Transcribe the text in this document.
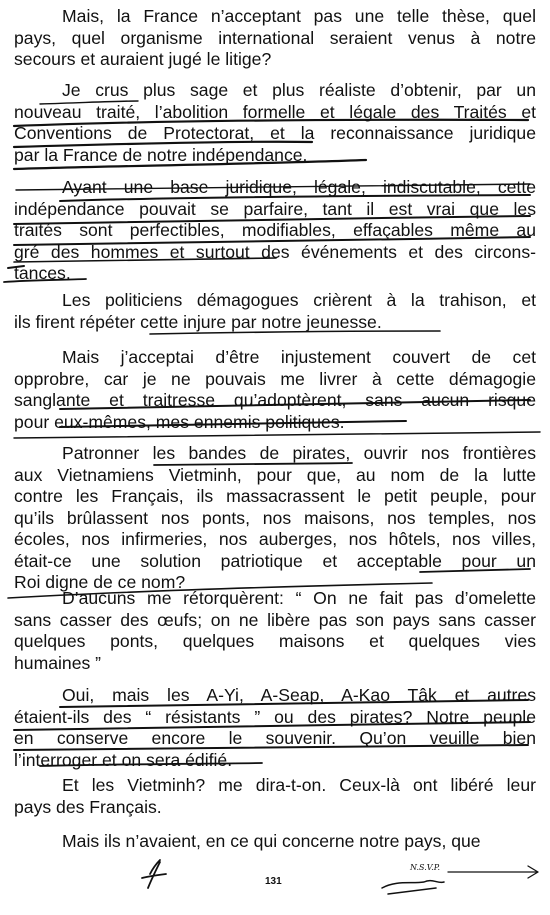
Mais, la France n’acceptant pas une telle thèse, quel
pays, quel organisme international seraient venus à notre
secours et auraient jugé le litige?
Je crus plus sage et plus réaliste d’obtenir, par un
nouveau traité, l’abolition formelle et légale des Traités et
Conventions de Protectorat, et la reconnaissance juridique
par la France de notre indépendance.
Ayant une base juridique, légale, indiscutable, cette
indépendance pouvait se parfaire, tant il est vrai que les
traités sont perfectibles, modifiables, effaçables même au
gré des hommes et surtout des événements et des circons-
tances.
Les politiciens démagogues crièrent à la trahison, et
ils firent répéter cette injure par notre jeunesse.
Mais j’acceptai d’être injustement couvert de cet
opprobre, car je ne pouvais me livrer à cette démagogie
sanglante et traitresse qu’adoptèrent, sans aucun risque
pour eux-mêmes, mes ennemis politiques.
Patronner les bandes de pirates, ouvrir nos frontières
aux Vietnamiens Vietminh, pour que, au nom de la lutte
contre les Français, ils massacrassent le petit peuple, pour
qu’ils brûlassent nos ponts, nos maisons, nos temples, nos
écoles, nos infirmeries, nos auberges, nos hôtels, nos villes,
était-ce une solution patriotique et acceptable pour un
Roi digne de ce nom?
D’aucuns me rétorquèrent: “ On ne fait pas d’omelette
sans casser des œufs; on ne libère pas son pays sans casser
quelques ponts, quelques maisons et quelques vies
humaines ”
Oui, mais les A-Yi, A-Seap, A-Kao Tâk et autres
étaient-ils des “ résistants ” ou des pirates? Notre peuple
en conserve encore le souvenir. Qu’on veuille bien
l’interroger et on sera édifié.
Et les Vietminh? me dira-t-on. Ceux-là ont libéré leur
pays des Français.
Mais ils n’avaient, en ce qui concerne notre pays, que
N.S.V.P.
131
